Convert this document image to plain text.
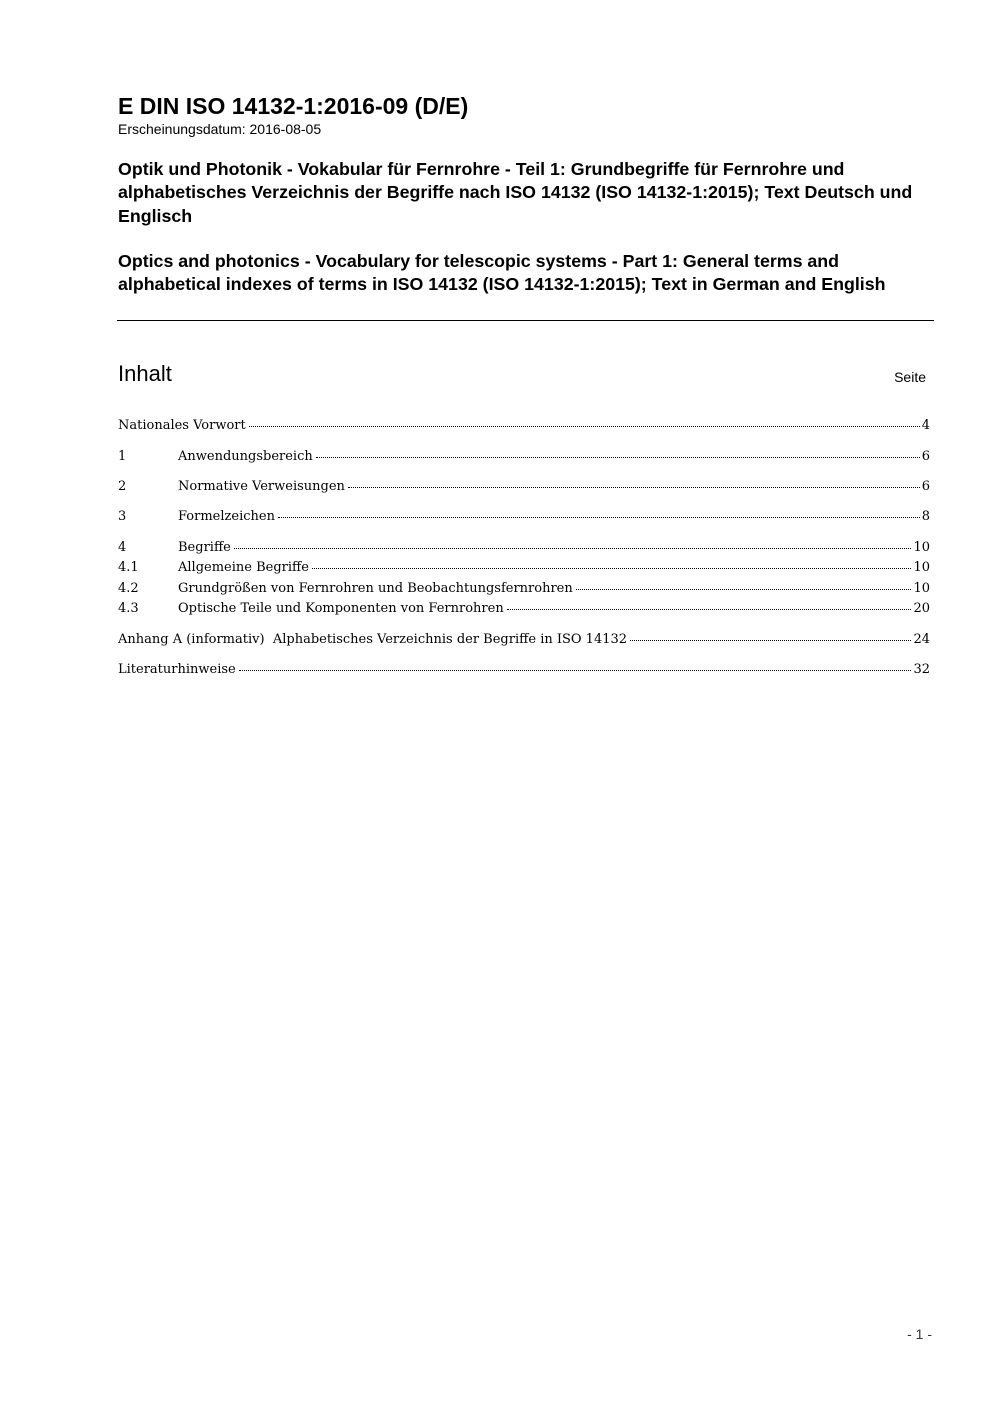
E DIN ISO 14132-1:2016-09 (D/E)
Erscheinungsdatum: 2016-08-05

Optik und Photonik - Vokabular für Fernrohre - Teil 1: Grundbegriffe für Fernrohre und alphabetisches Verzeichnis der Begriffe nach ISO 14132 (ISO 14132-1:2015); Text Deutsch und Englisch

Optics and photonics - Vocabulary for telescopic systems - Part 1: General terms and alphabetical indexes of terms in ISO 14132 (ISO 14132-1:2015); Text in German and English

Inhalt	Seite
Nationales Vorwort	4
1	Anwendungsbereich	6
2	Normative Verweisungen	6
3	Formelzeichen	8
4	Begriffe	10
4.1	Allgemeine Begriffe	10
4.2	Grundgrößen von Fernrohren und Beobachtungsfernrohren	10
4.3	Optische Teile und Komponenten von Fernrohren	20
Anhang A (informativ)  Alphabetisches Verzeichnis der Begriffe in ISO 14132	24
Literaturhinweise	32
- 1 -
